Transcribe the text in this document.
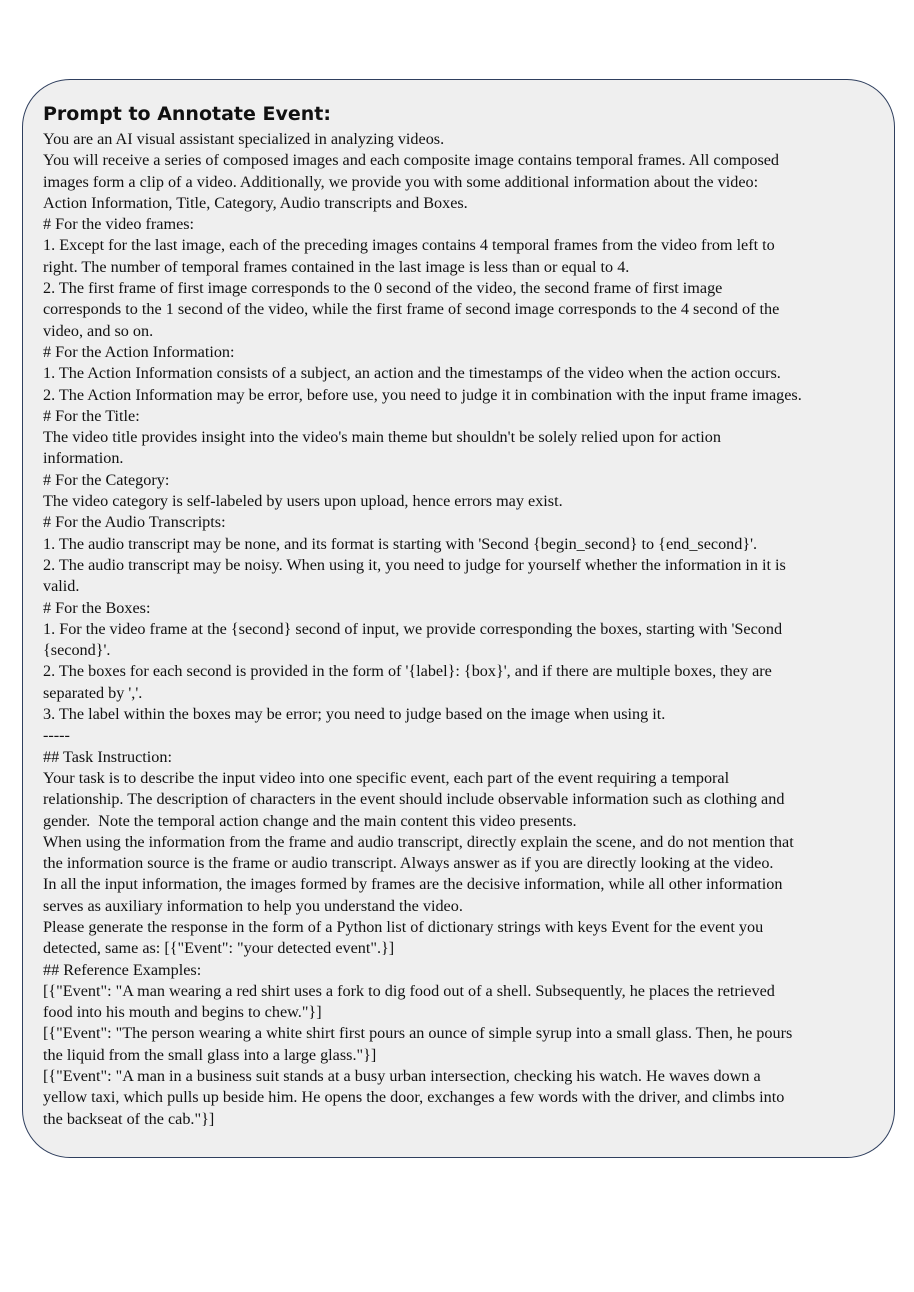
Prompt to Annotate Event:
You are an AI visual assistant specialized in analyzing videos.
You will receive a series of composed images and each composite image contains temporal frames. All composed
images form a clip of a video. Additionally, we provide you with some additional information about the video:
Action Information, Title, Category, Audio transcripts and Boxes.
# For the video frames:
1. Except for the last image, each of the preceding images contains 4 temporal frames from the video from left to
right. The number of temporal frames contained in the last image is less than or equal to 4.
2. The first frame of first image corresponds to the 0 second of the video, the second frame of first image
corresponds to the 1 second of the video, while the first frame of second image corresponds to the 4 second of the
video, and so on.
# For the Action Information:
1. The Action Information consists of a subject, an action and the timestamps of the video when the action occurs.
2. The Action Information may be error, before use, you need to judge it in combination with the input frame images.
# For the Title:
The video title provides insight into the video's main theme but shouldn't be solely relied upon for action
information.
# For the Category:
The video category is self-labeled by users upon upload, hence errors may exist.
# For the Audio Transcripts:
1. The audio transcript may be none, and its format is starting with 'Second {begin_second} to {end_second}'.
2. The audio transcript may be noisy. When using it, you need to judge for yourself whether the information in it is
valid.
# For the Boxes:
1. For the video frame at the {second} second of input, we provide corresponding the boxes, starting with 'Second
{second}'.
2. The boxes for each second is provided in the form of '{label}: {box}', and if there are multiple boxes, they are
separated by ','.
3. The label within the boxes may be error; you need to judge based on the image when using it.
-----
## Task Instruction:
Your task is to describe the input video into one specific event, each part of the event requiring a temporal
relationship. The description of characters in the event should include observable information such as clothing and
gender.  Note the temporal action change and the main content this video presents.
When using the information from the frame and audio transcript, directly explain the scene, and do not mention that
the information source is the frame or audio transcript. Always answer as if you are directly looking at the video.
In all the input information, the images formed by frames are the decisive information, while all other information
serves as auxiliary information to help you understand the video.
Please generate the response in the form of a Python list of dictionary strings with keys Event for the event you
detected, same as: [{"Event": "your detected event".}]
## Reference Examples:
[{"Event": "A man wearing a red shirt uses a fork to dig food out of a shell. Subsequently, he places the retrieved
food into his mouth and begins to chew."}]
[{"Event": "The person wearing a white shirt first pours an ounce of simple syrup into a small glass. Then, he pours
the liquid from the small glass into a large glass."}]
[{"Event": "A man in a business suit stands at a busy urban intersection, checking his watch. He waves down a
yellow taxi, which pulls up beside him. He opens the door, exchanges a few words with the driver, and climbs into
the backseat of the cab."}]
